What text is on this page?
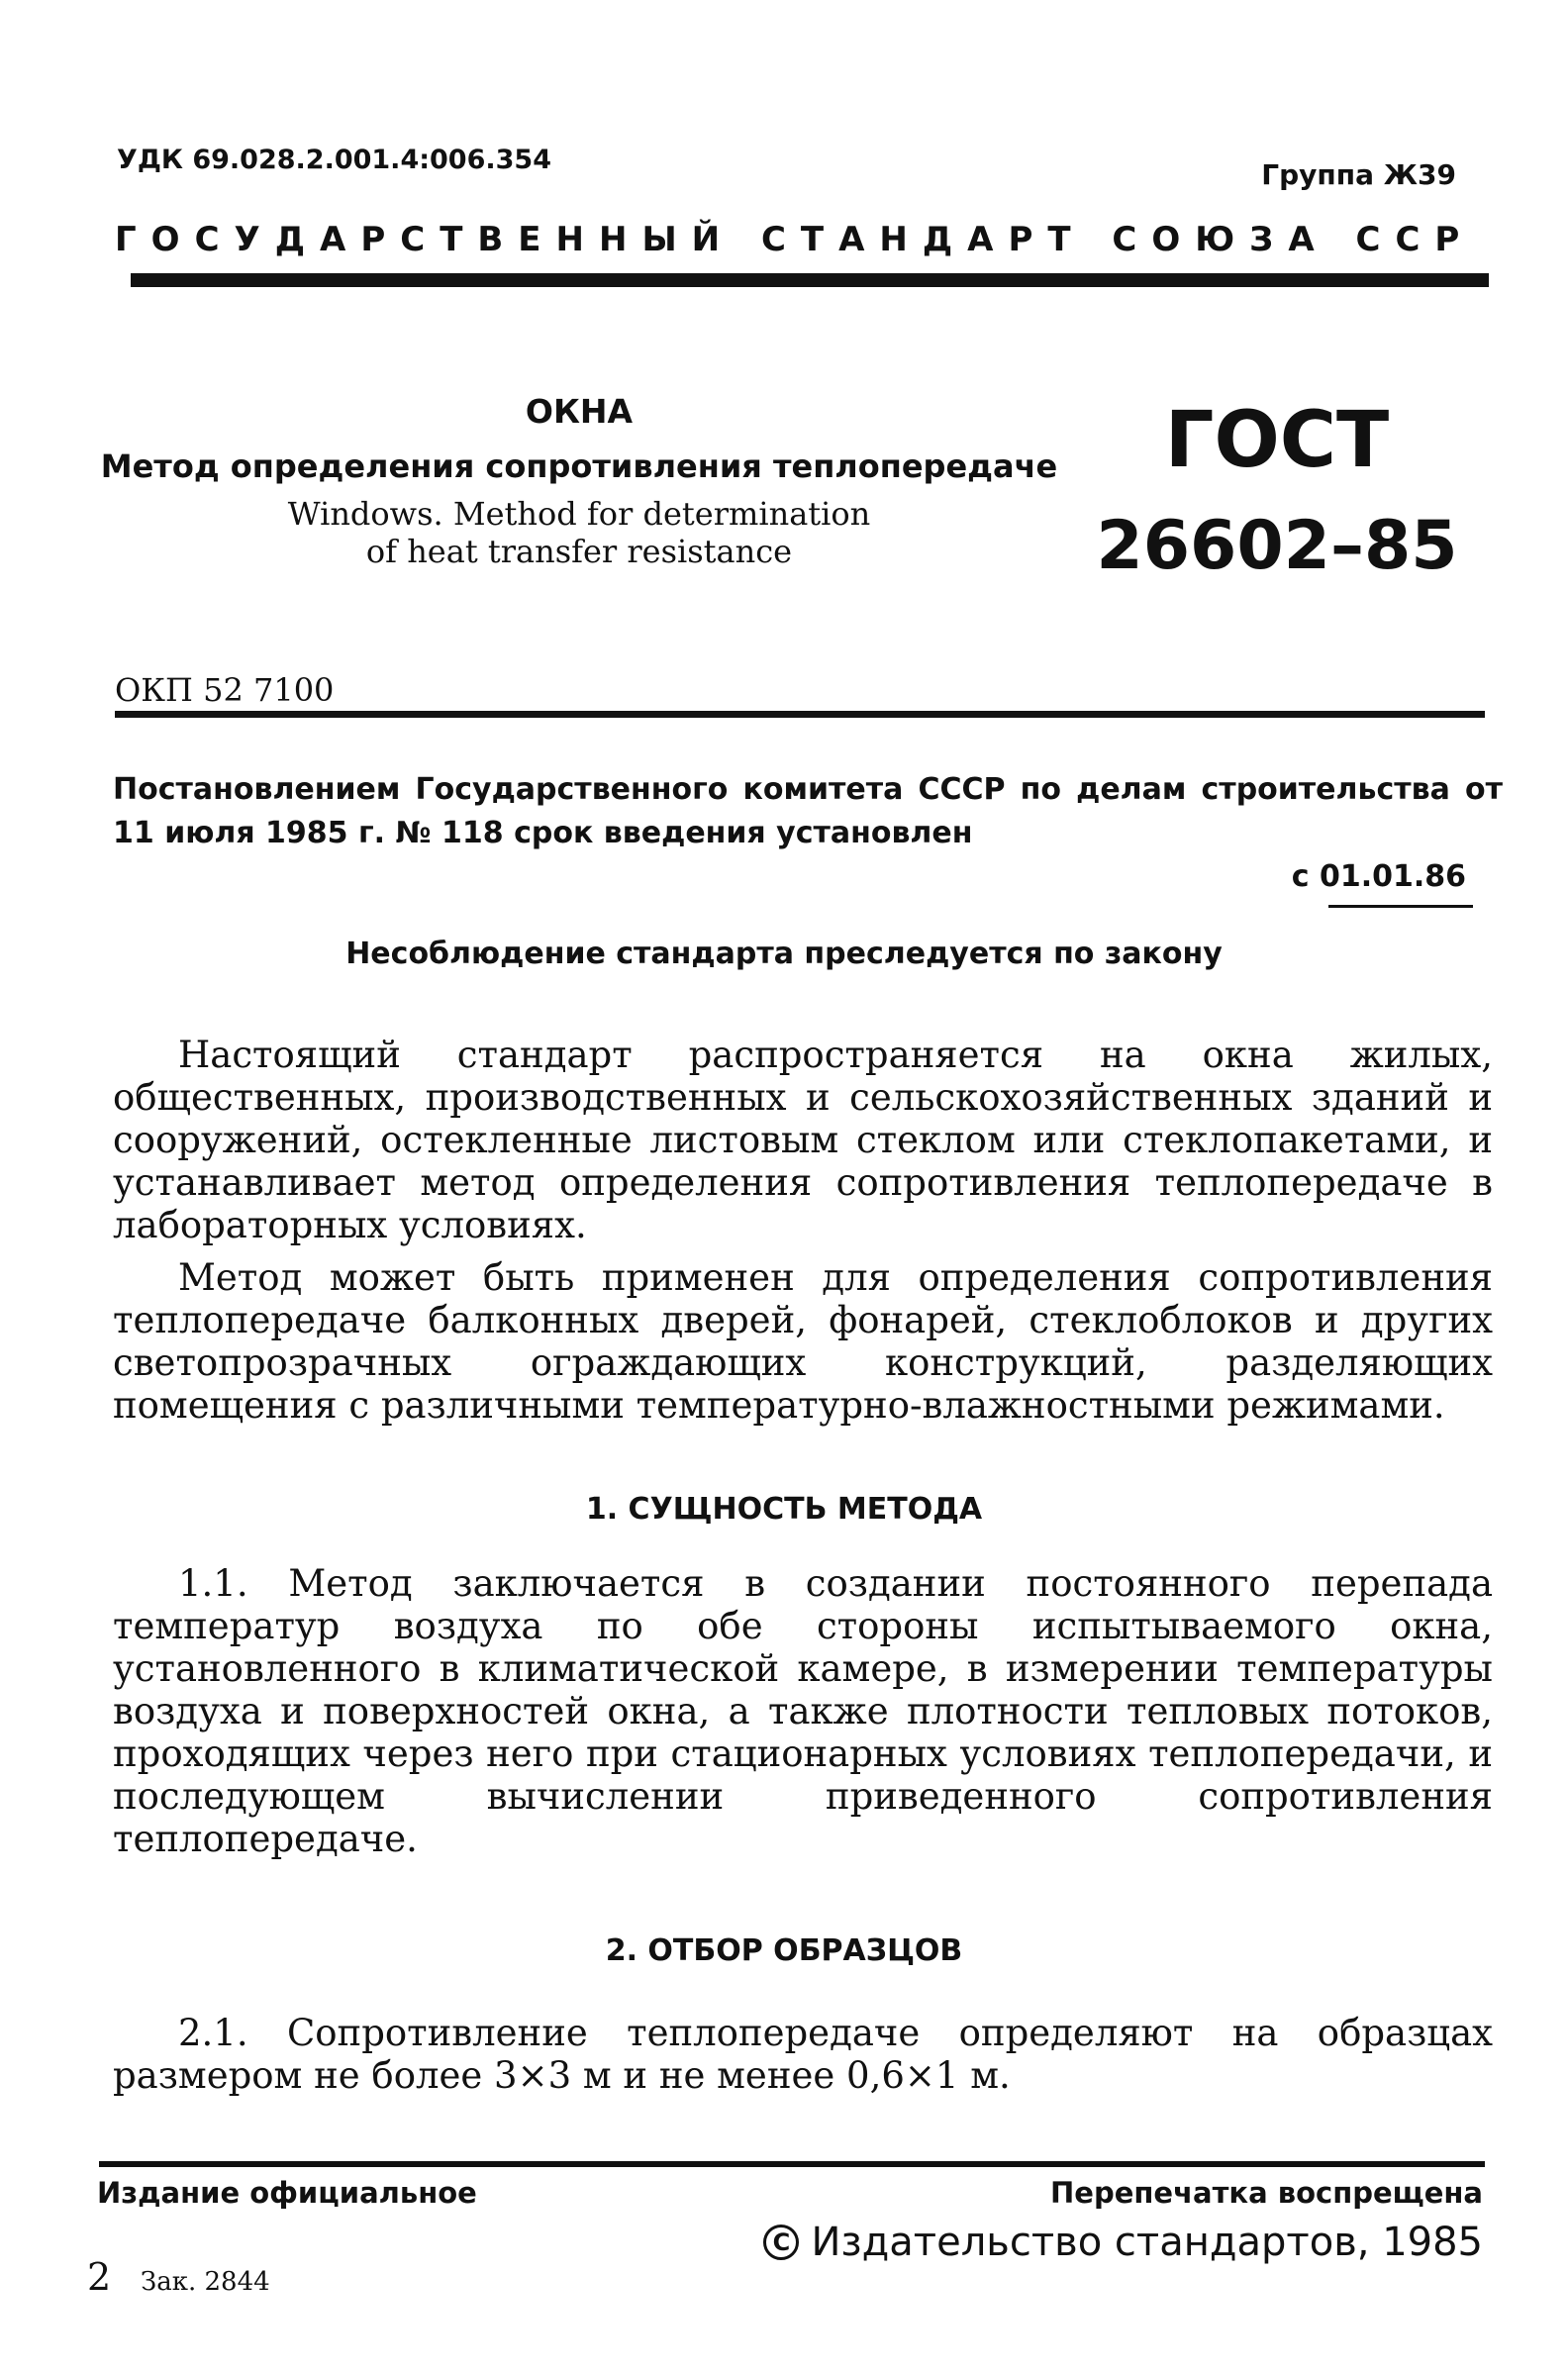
УДК 69.028.2.001.4:006.354	Группа Ж39
ГОСУДАРСТВЕННЫЙ СТАНДАРТ СОЮЗА ССР
ОКНА
Метод определения сопротивления теплопередаче
Windows. Method for determination
of heat transfer resistance
ГОСТ
26602–85
ОКП 52 7100
Постановлением Государственного комитета СССР по делам строительства от 11 июля 1985 г. № 118 срок введения установлен
с 01.01.86
Несоблюдение стандарта преследуется по закону

Настоящий стандарт распространяется на окна жилых, общественных, производственных и сельскохозяйственных зданий и сооружений, остекленные листовым стеклом или стеклопакетами, и устанавливает метод определения сопротивления теплопередаче в лабораторных условиях.

Метод может быть применен для определения сопротивления теплопередаче балконных дверей, фонарей, стеклоблоков и других светопрозрачных ограждающих конструкций, разделяющих помещения с различными температурно-влажностными режимами.

1. СУЩНОСТЬ МЕТОДА

1.1. Метод заключается в создании постоянного перепада температур воздуха по обе стороны испытываемого окна, установленного в климатической камере, в измерении температуры воздуха и поверхностей окна, а также плотности тепловых потоков, проходящих через него при стационарных условиях теплопередачи, и последующем вычислении приведенного сопротивления теплопередаче.

2. ОТБОР ОБРАЗЦОВ

2.1. Сопротивление теплопередаче определяют на образцах размером не более 3×3 м и не менее 0,6×1 м.

Издание официальное	Перепечатка воспрещена
C Издательство стандартов, 1985
2 Зак. 2844
